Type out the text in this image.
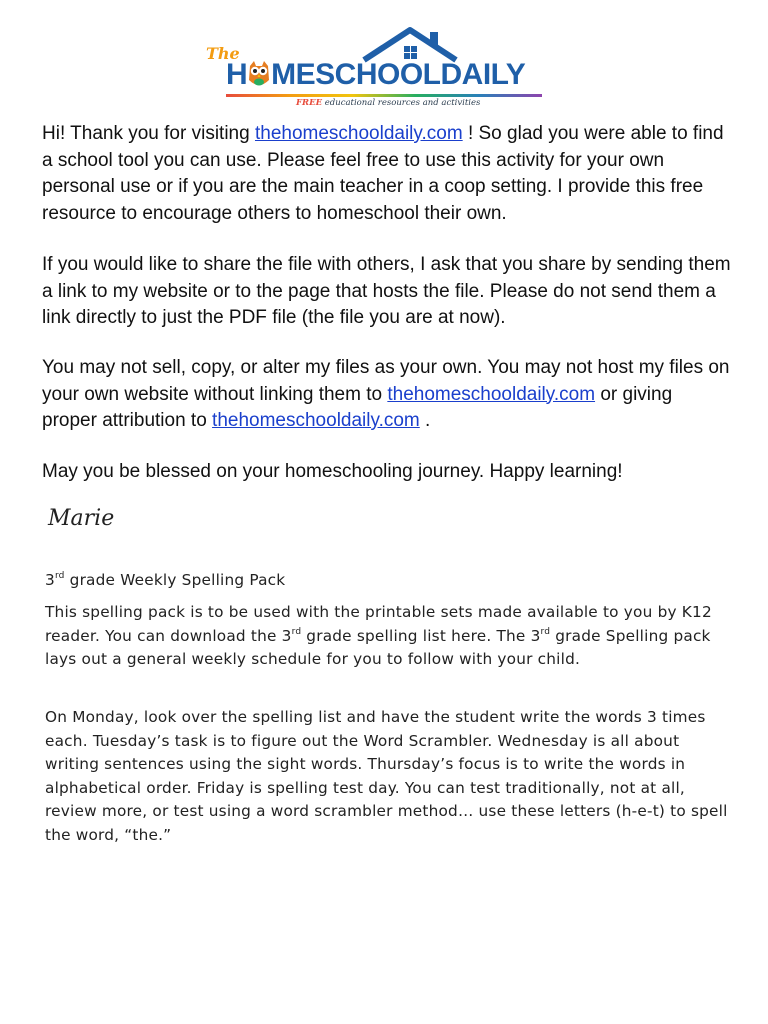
The
H MESCHOOLDAILY
FREE educational resources and activities

Hi! Thank you for visiting thehomeschooldaily.com ! So glad you were able to find a school tool you can use. Please feel free to use this activity for your own personal use or if you are the main teacher in a coop setting. I provide this free resource to encourage others to homeschool their own.

If you would like to share the file with others, I ask that you share by sending them a link to my website or to the page that hosts the file. Please do not send them a link directly to just the PDF file (the file you are at now).

You may not sell, copy, or alter my files as your own. You may not host my files on your own website without linking them to thehomeschooldaily.com or giving proper attribution to thehomeschooldaily.com .

May you be blessed on your homeschooling journey. Happy learning!

Marie

3rd grade Weekly Spelling Pack

This spelling pack is to be used with the printable sets made available to you by K12 reader. You can download the 3rd grade spelling list here. The 3rd grade Spelling pack lays out a general weekly schedule for you to follow with your child.

On Monday, look over the spelling list and have the student write the words 3 times each. Tuesday’s task is to figure out the Word Scrambler. Wednesday is all about writing sentences using the sight words. Thursday’s focus is to write the words in alphabetical order. Friday is spelling test day. You can test traditionally, not at all, review more, or test using a word scrambler method… use these letters (h-e-t) to spell the word, “the.”
